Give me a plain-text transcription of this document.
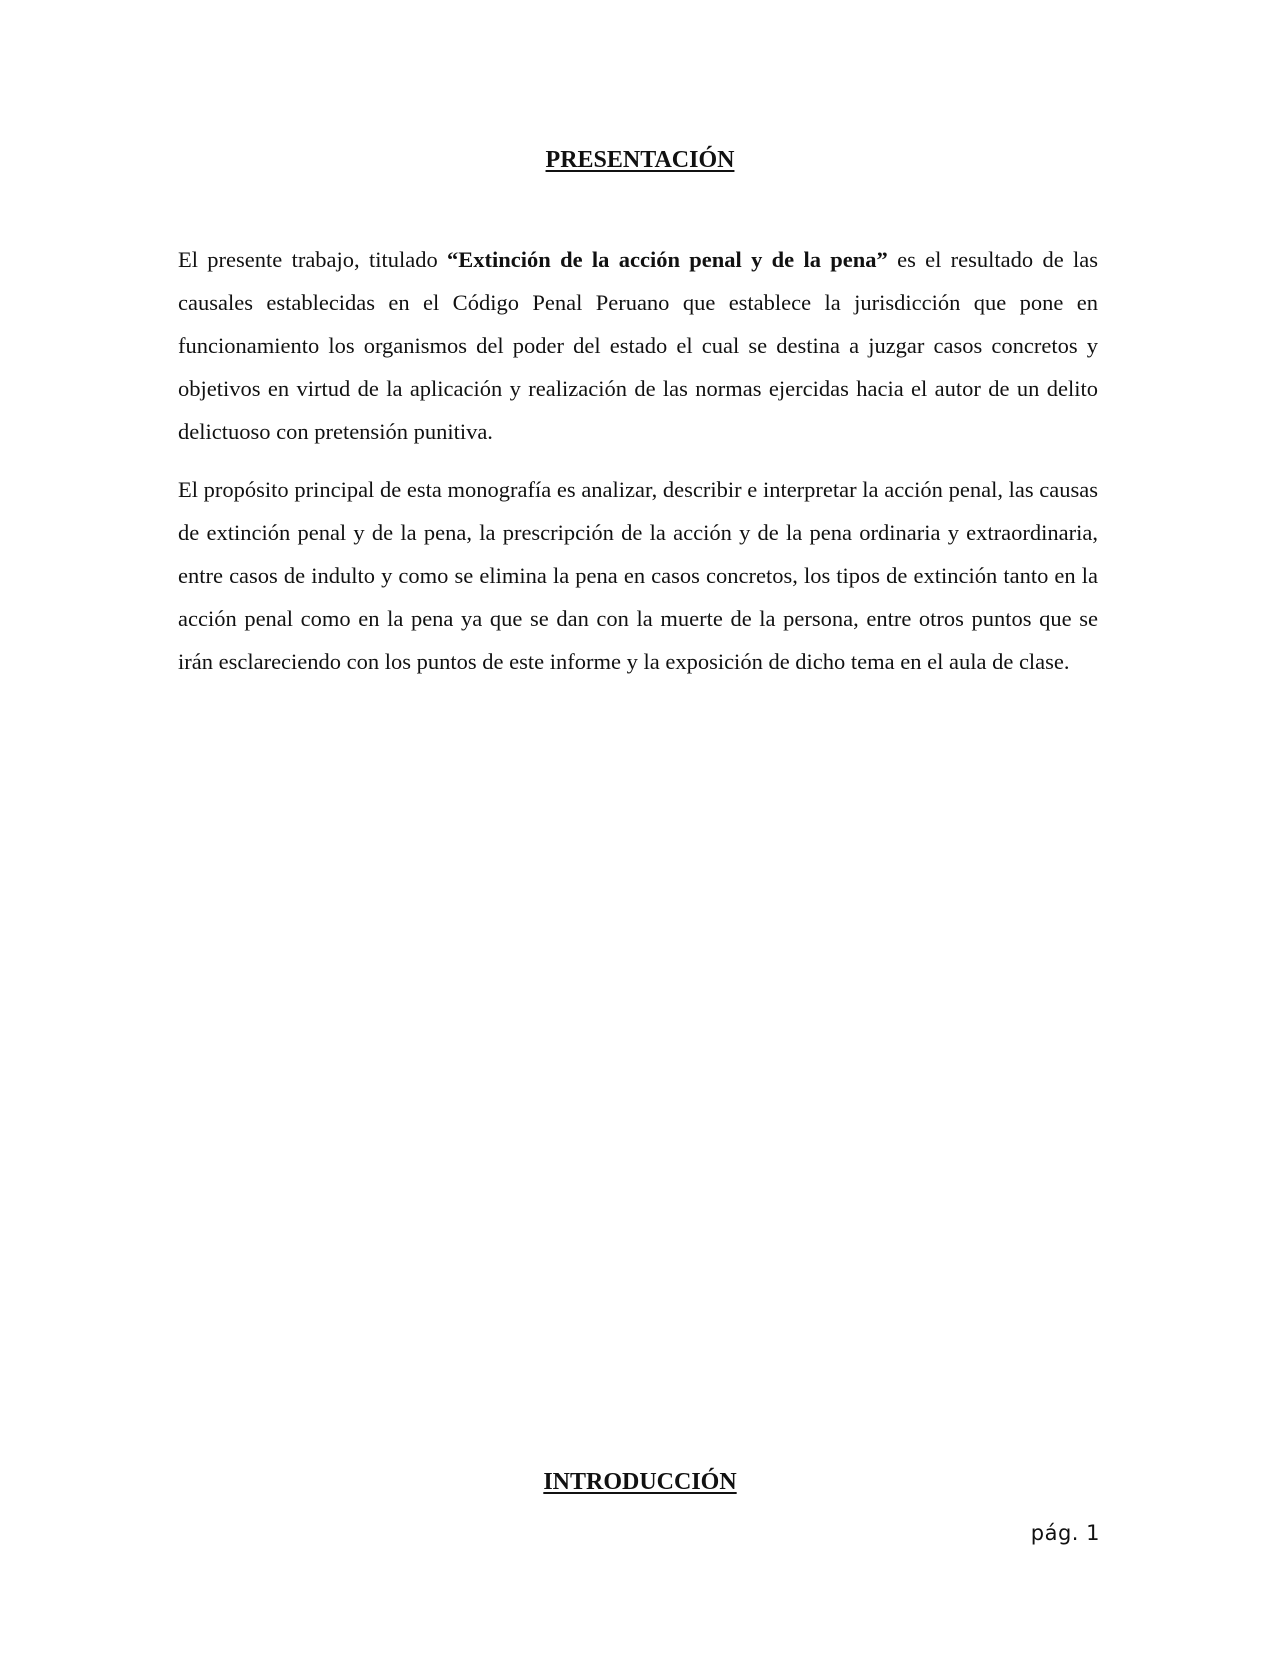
PRESENTACIÓN

El presente trabajo, titulado “Extinción de la acción penal y de la pena” es el resultado de las causales establecidas en el Código Penal Peruano que establece la jurisdicción que pone en funcionamiento los organismos del poder del estado el cual se destina a juzgar casos concretos y objetivos en virtud de la aplicación y realización de las normas ejercidas hacia el autor de un delito delictuoso con pretensión punitiva.

El propósito principal de esta monografía es analizar, describir e interpretar la acción penal, las causas de extinción penal y de la pena, la prescripción de la acción y de la pena ordinaria y extraordinaria, entre casos de indulto y como se elimina la pena en casos concretos, los tipos de extinción tanto en la acción penal como en la pena ya que se dan con la muerte de la persona, entre otros puntos que se irán esclareciendo con los puntos de este informe y la exposición de dicho tema en el aula de clase.

INTRODUCCIÓN
pág. 1
